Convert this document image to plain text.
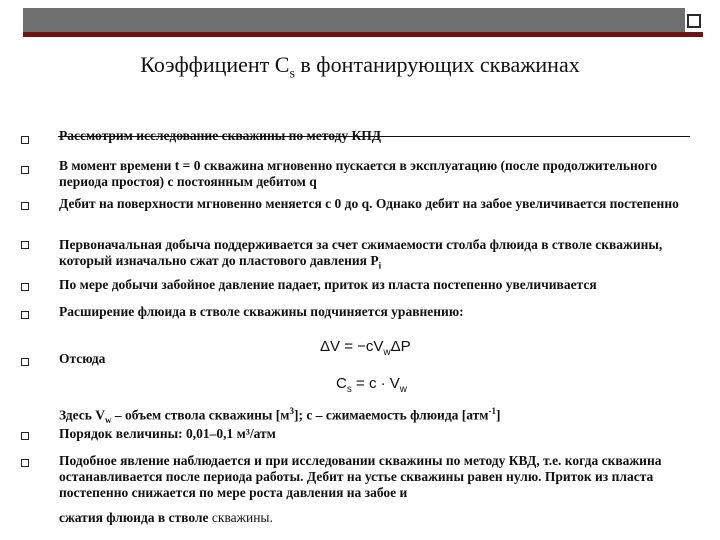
Коэффициент $C_s$ в фонтанирующих скважинах
Рассмотрим исследование скважины по методу КПД
В момент времени t = 0 скважина мгновенно пускается в эксплуатацию (после продолжительного периода простоя) с постоянным дебитом q
Дебит на поверхности мгновенно меняется с 0 до q. Однако дебит на забое увеличивается постепенно
Первоначальная добыча поддерживается за счет сжимаемости столба флюида в стволе скважины, который изначально сжат до пластового давления $P_i$
По мере добычи забойное давление падает, приток из пласта постепенно увеличивается
Расширение флюида в стволе скважины подчиняется уравнению:
Отсюда
$\Delta V = -cV_w\Delta P$
$C_s = c \cdot V_w$
Здесь $V_w$ – объем ствола скважины $[м^3]$; c – сжимаемость флюида [атм$^{-1}$]
Порядок величины: 0,01–0,1 м³/атм
Подобное явление наблюдается и при исследовании скважины по методу КВД, т.е. когда скважина останавливается после периода работы. Дебит на устье скважины равен нулю. Приток из пласта постепенно снижается по мере роста давления на забое и
сжатия флюида в стволе скважины.
